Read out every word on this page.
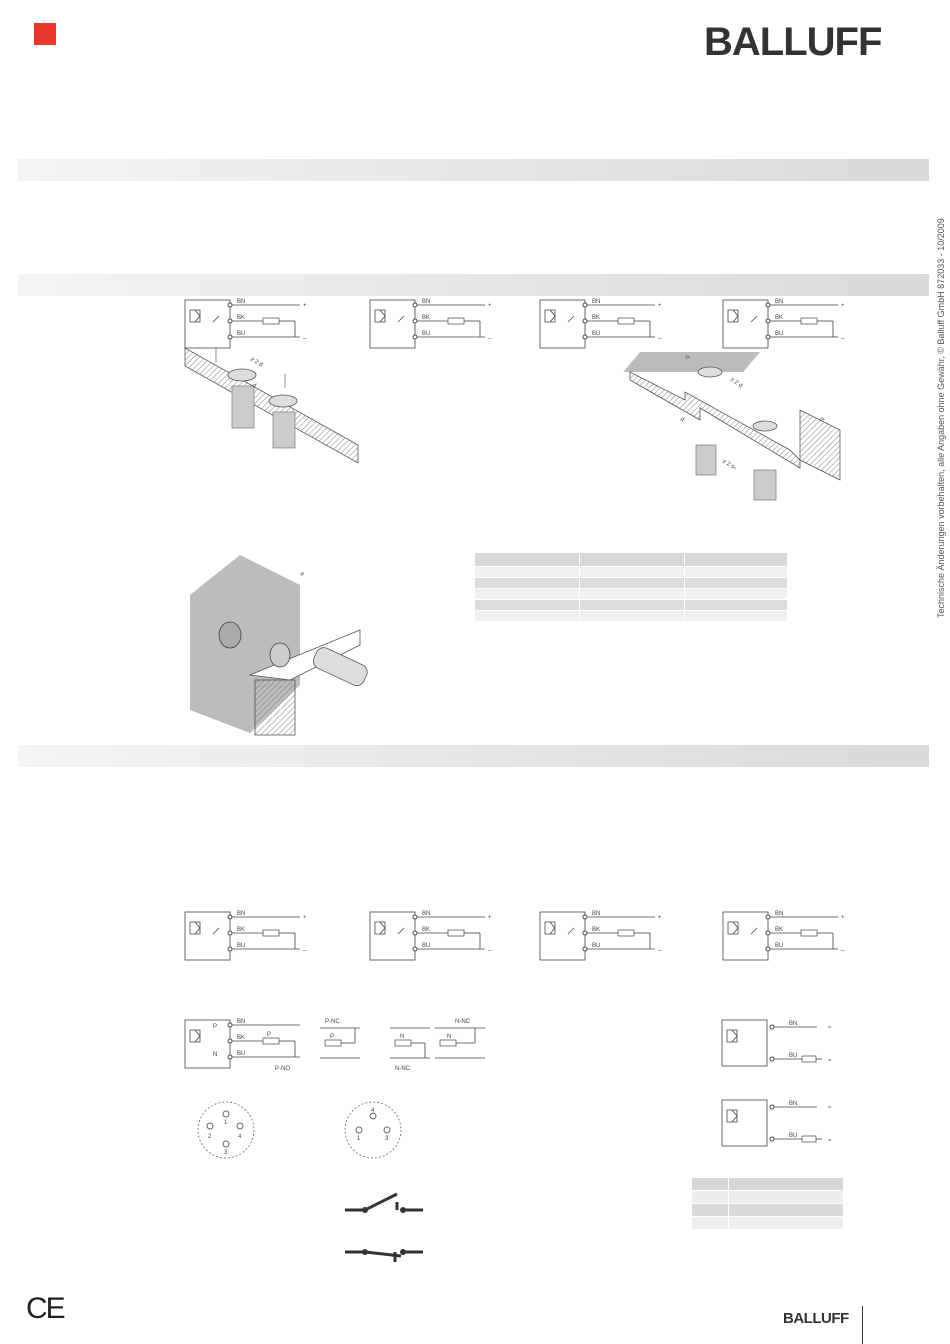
BALLUFF
Technische Änderungen vorbehalten, alle Angaben ohne Gewähr, © Balluff GmbH 872033 - 10/2009
≥ 2 d
d
d
≥ 2 d
d
≥ 2 sₙ
d
a

BN
BK
BU
+
–
BN
BK
BU
P
N
P
P-NO
P-NC
P	N
N-NC
N-NC
N
BN
BU
≈
≈
2
1
4
3
4
1	3

CE	BALLUFF
